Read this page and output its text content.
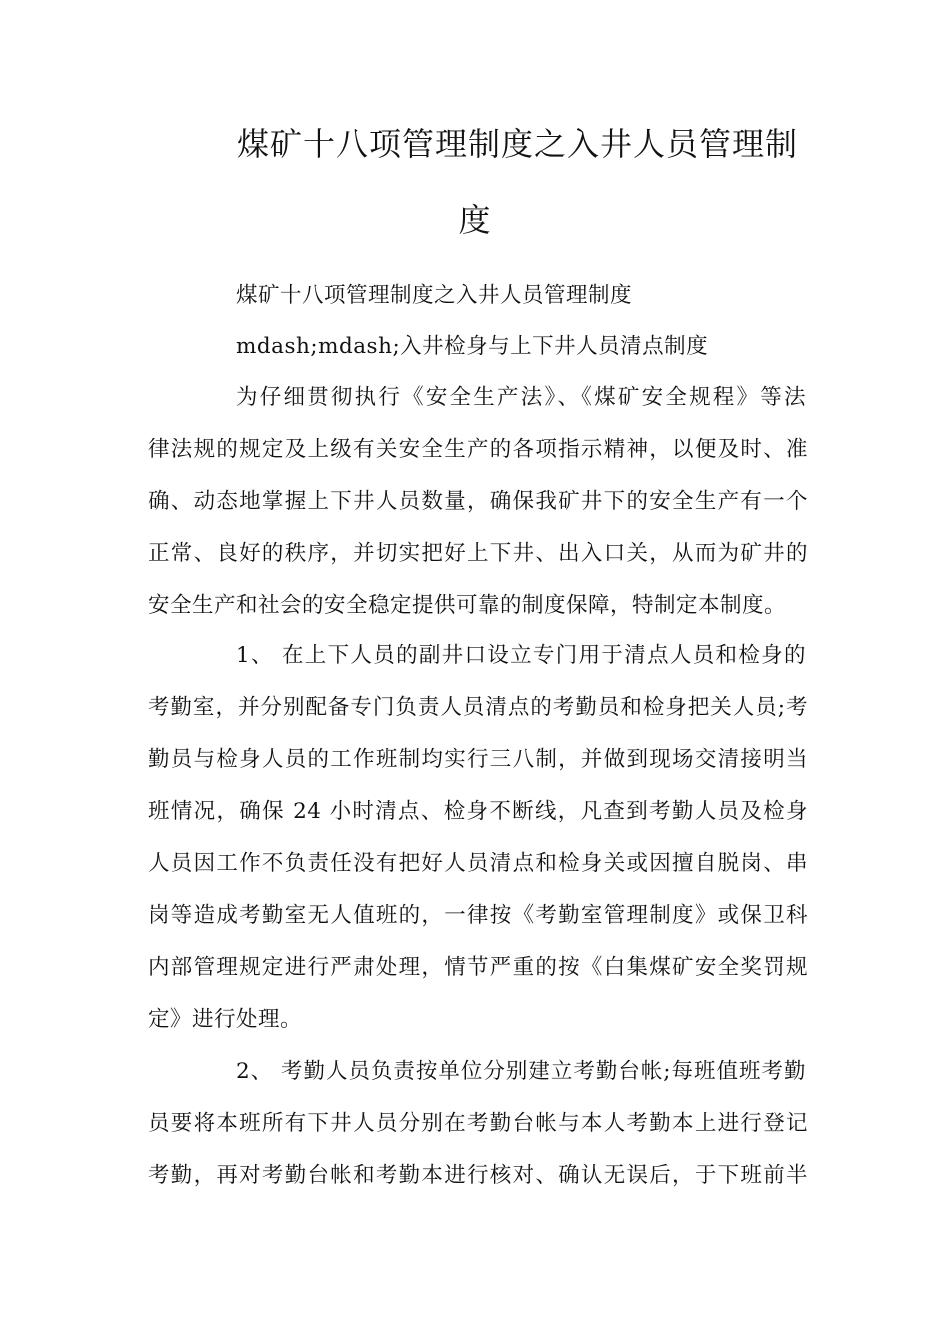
煤矿十八项管理制度之入井人员管理制
度
煤矿十八项管理制度之入井人员管理制度
mdash;mdash;入井检身与上下井人员清点制度
为仔细贯彻执行《安全生产法》、《煤矿安全规程》等法
律法规的规定及上级有关安全生产的各项指示精神，以便及时、准
确、动态地掌握上下井人员数量，确保我矿井下的安全生产有一个
正常、良好的秩序，并切实把好上下井、出入口关，从而为矿井的
安全生产和社会的安全稳定提供可靠的制度保障，特制定本制度。
1、 在上下人员的副井口设立专门用于清点人员和检身的
考勤室，并分别配备专门负责人员清点的考勤员和检身把关人员;考
勤员与检身人员的工作班制均实行三八制，并做到现场交清接明当
班情况，确保 24 小时清点、检身不断线，凡查到考勤人员及检身
人员因工作不负责任没有把好人员清点和检身关或因擅自脱岗、串
岗等造成考勤室无人值班的，一律按《考勤室管理制度》或保卫科
内部管理规定进行严肃处理，情节严重的按《白集煤矿安全奖罚规
定》进行处理。
2、 考勤人员负责按单位分别建立考勤台帐;每班值班考勤
员要将本班所有下井人员分别在考勤台帐与本人考勤本上进行登记
考勤，再对考勤台帐和考勤本进行核对、确认无误后，于下班前半
